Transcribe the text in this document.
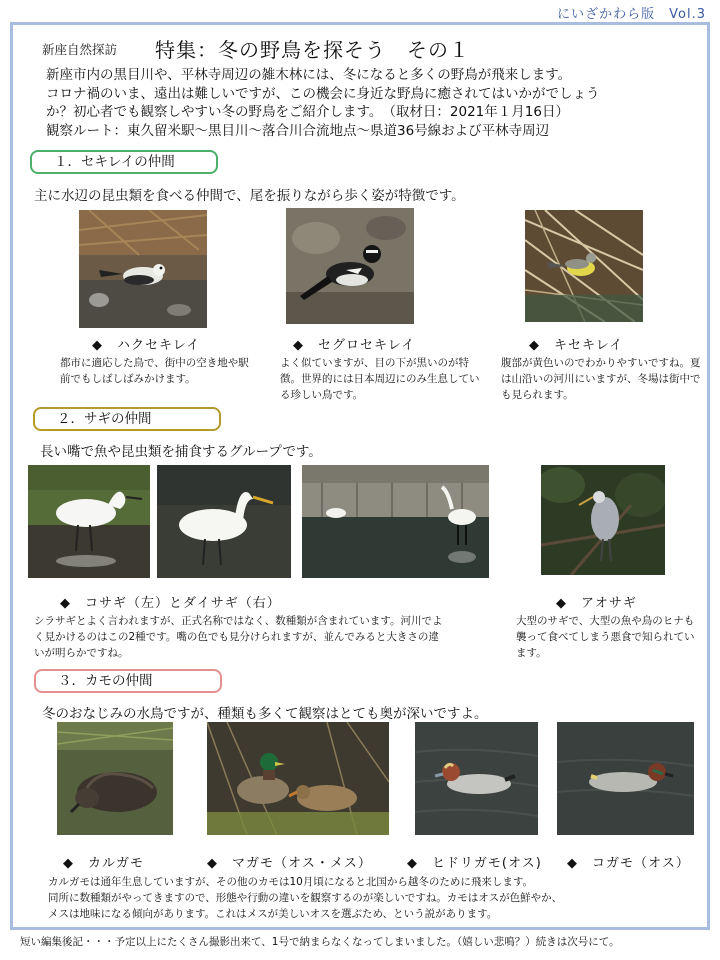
にいざかわら版　Vol.3
新座自然探訪 特集：冬の野鳥を探そう　その１
新座市内の黒目川や、平林寺周辺の雑木林には、冬になると多くの野鳥が飛来します。
コロナ禍のいま、遠出は難しいですが、この機会に身近な野鳥に癒されてはいかがでしょう
か？初心者でも観察しやすい冬の野鳥をご紹介します。　（取材日：2021年１月16日）
観察ルート：東久留米駅〜黒目川〜落合川合流地点〜県道36号線および平林寺周辺
１．セキレイの仲間
主に水辺の昆虫類を食べる仲間で、尾を振りながら歩く姿が特徴です。
◆　ハクセキレイ	◆　セグロセキレイ	◆　キセキレイ
都市に適応した鳥で、街中の空き地や駅前でもしばしばみかけます。
よく似ていますが、目の下が黒いのが特徴。世界的には日本周辺にのみ生息している珍しい鳥です。
腹部が黄色いのでわかりやすいですね。夏は山沿いの河川にいますが、冬場は街中でも見られます。
２．サギの仲間
長い嘴で魚や昆虫類を捕食するグループです。
◆　コサギ（左）とダイサギ（右）	◆　アオサギ
シラサギとよく言われますが、正式名称ではなく、数種類が含まれています。河川でよく見かけるのはこの2種です。嘴の色でも見分けられますが、並んでみると大きさの違いが明らかですね。
大型のサギで、大型の魚や鳥のヒナも襲って食べてしまう悪食で知られています。
３．カモの仲間
冬のおなじみの水鳥ですが、種類も多くて観察はとても奥が深いですよ。
◆　カルガモ	◆　マガモ（オス・メス）	◆　ヒドリガモ(オス) ◆　コガモ（オス）
カルガモは通年生息していますが、その他のカモは10月頃になると北国から越冬のために飛来します。
同所に数種類がやってきますので、形態や行動の違いを観察するのが楽しいですね。カモはオスが色鮮やか、
メスは地味になる傾向があります。これはメスが美しいオスを選ぶため、という説があります。
短い編集後記・・・予定以上にたくさん撮影出来て、1号で納まらなくなってしまいました。（嬉しい悲鳴？）続きは次号にて。
